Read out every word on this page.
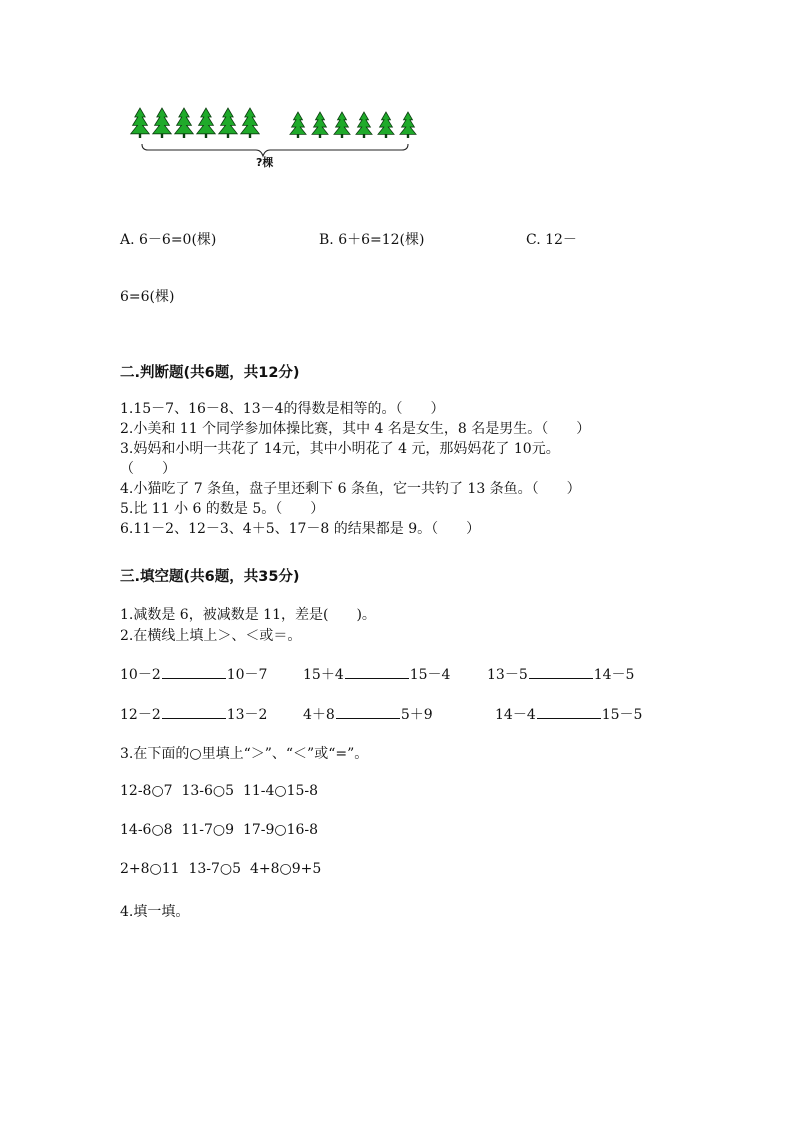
?棵
A. 6－6=0(棵)	B. 6＋6=12(棵)	C. 12－
6=6(棵)
二.判断题(共6题，共12分)
1.15－7、16－8、13－4的得数是相等的。（　　）
2.小美和 11 个同学参加体操比赛，其中 4 名是女生，8 名是男生。（　　）
3.妈妈和小明一共花了 14元，其中小明花了 4 元，那妈妈花了 10元。
（　　）
4.小猫吃了 7 条鱼，盘子里还剩下 6 条鱼，它一共钓了 13 条鱼。（　　）
5.比 11 小 6 的数是 5。（　　）
6.11－2、12－3、4＋5、17－8 的结果都是 9。（　　）
三.填空题(共6题，共35分)
1.减数是 6，被减数是 11，差是(　　)。
2.在横线上填上＞、＜或＝。
10－2	10－7	15＋4	15－4	13－5	14－5
12－2	13－2	4＋8	5＋9	14－4	15－5
3.在下面的○里填上“＞”、“＜”或“=”。
12-8○7  13-6○5  11-4○15-8
14-6○8  11-7○9  17-9○16-8
2+8○11  13-7○5  4+8○9+5
4.填一填。
